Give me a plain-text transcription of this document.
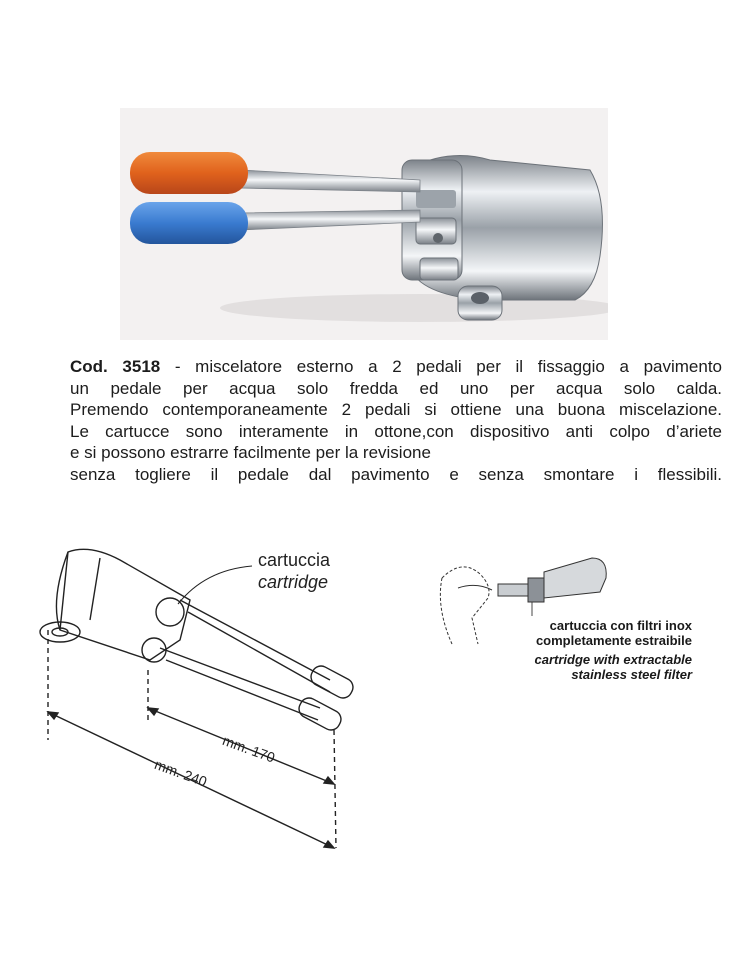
Cod. 3518 - miscelatore esterno a 2 pedali per il fissaggio a pavimento
un pedale per acqua solo fredda ed uno per acqua solo calda.
Premendo contemporaneamente 2 pedali si ottiene una buona miscelazione.
Le cartucce sono interamente in ottone,con dispositivo anti colpo d’ariete
e si possono estrarre facilmente per la revisione
senza togliere il pedale dal pavimento e senza smontare i flessibili.
cartuccia
cartridge
mm. 170
mm. 240
cartuccia con filtri inox
completamente estraibile
cartridge with extractable
stainless steel filter
